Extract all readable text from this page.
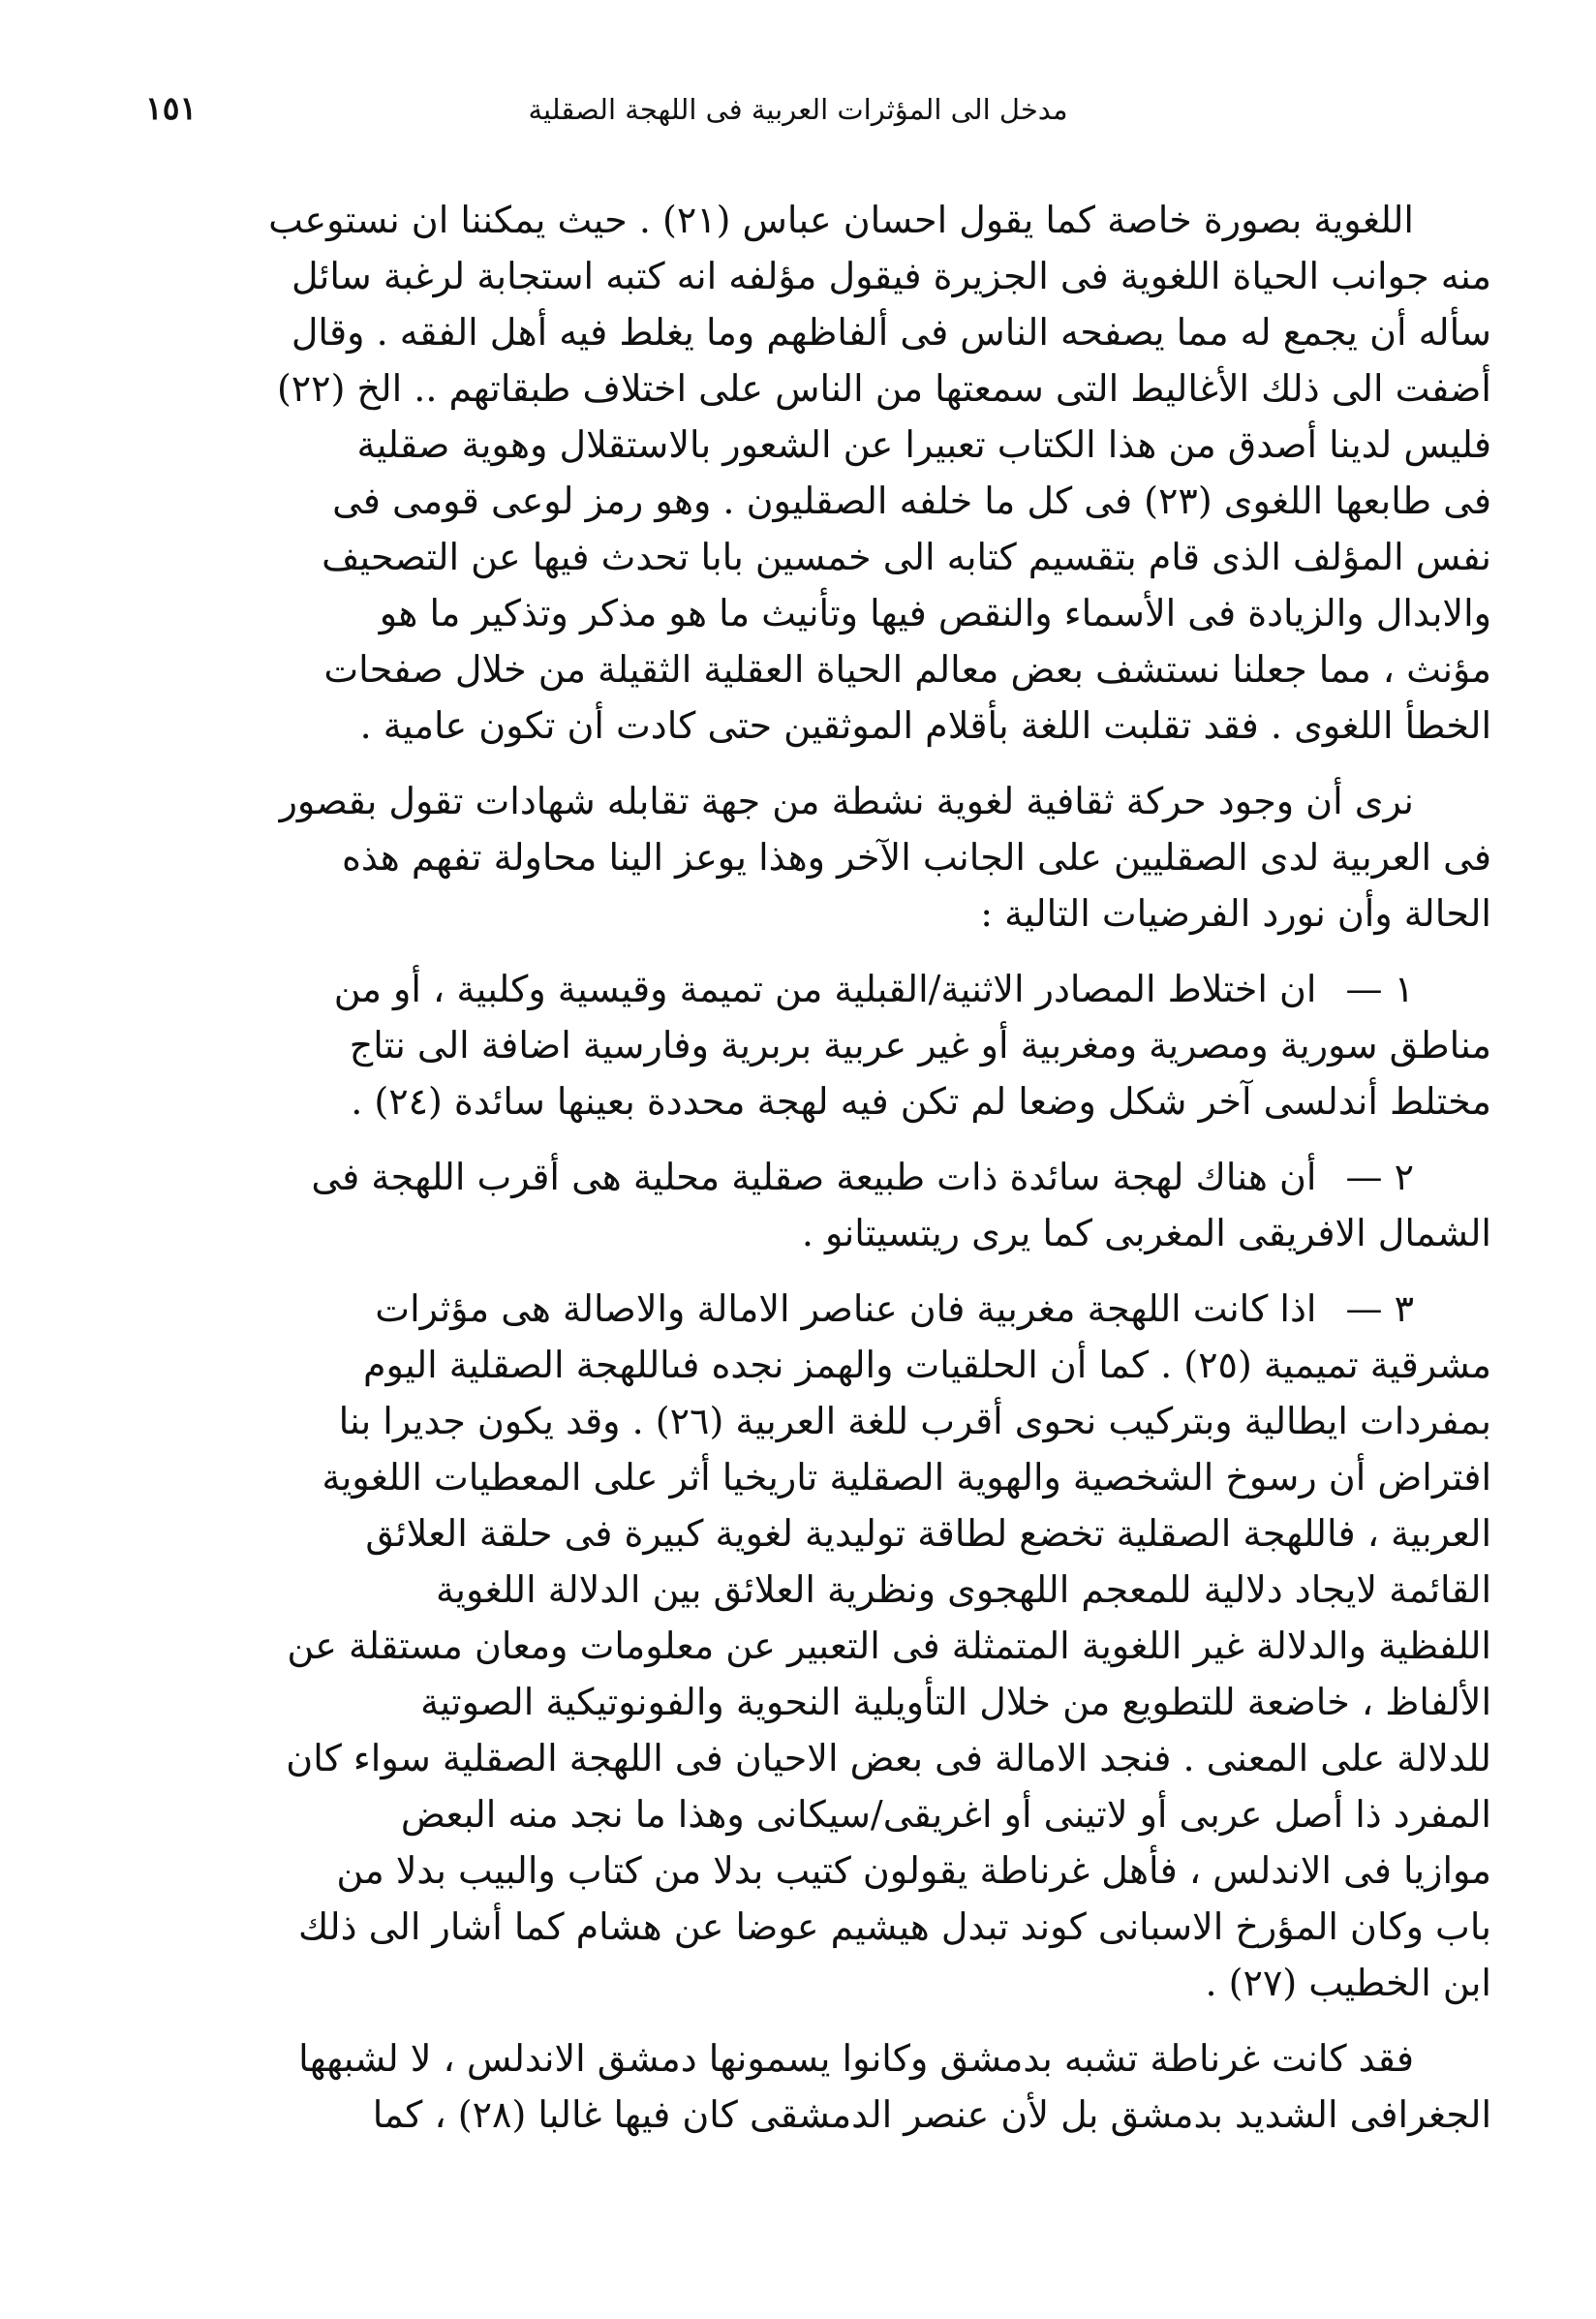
مدخل الى المؤثرات العربية فى اللهجة الصقلية
١٥١
اللغوية بصورة خاصة كما يقول احسان عباس (٢١) . حيث يمكننا ان نستوعب
منه جوانب الحياة اللغوية فى الجزيرة فيقول مؤلفه انه كتبه استجابة لرغبة سائل
سأله أن يجمع له مما يصفحه الناس فى ألفاظهم وما يغلط فيه أهل الفقه . وقال
أضفت الى ذلك الأغاليط التى سمعتها من الناس على اختلاف طبقاتهم .. الخ (٢٢)
فليس لدينا أصدق من هذا الكتاب تعبيرا عن الشعور بالاستقلال وهوية صقلية
فى طابعها اللغوى (٢٣) فى كل ما خلفه الصقليون . وهو رمز لوعى قومى فى
نفس المؤلف الذى قام بتقسيم كتابه الى خمسين بابا تحدث فيها عن التصحيف
والابدال والزيادة فى الأسماء والنقص فيها وتأنيث ما هو مذكر وتذكير ما هو
مؤنث ، مما جعلنا نستشف بعض معالم الحياة العقلية الثقيلة من خلال صفحات
الخطأ اللغوى . فقد تقلبت اللغة بأقلام الموثقين حتى كادت أن تكون عامية .
نرى أن وجود حركة ثقافية لغوية نشطة من جهة تقابله شهادات تقول بقصور
فى العربية لدى الصقليين على الجانب الآخر وهذا يوعز الينا محاولة تفهم هذه
الحالة وأن نورد الفرضيات التالية :
١ —ان اختلاط المصادر الاثنية/القبلية من تميمة وقيسية وكلبية ، أو من
مناطق سورية ومصرية ومغربية أو غير عربية بربرية وفارسية اضافة الى نتاج
مختلط أندلسى آخر شكل وضعا لم تكن فيه لهجة محددة بعينها سائدة (٢٤) .
٢ —أن هناك لهجة سائدة ذات طبيعة صقلية محلية هى أقرب اللهجة فى
الشمال الافريقى المغربى كما يرى ريتسيتانو .
٣ —اذا كانت اللهجة مغربية فان عناصر الامالة والاصالة هى مؤثرات
مشرقية تميمية (٢٥) . كما أن الحلقيات والهمز نجده فىاللهجة الصقلية اليوم
بمفردات ايطالية وبتركيب نحوى أقرب للغة العربية (٢٦) . وقد يكون جديرا بنا
افتراض أن رسوخ الشخصية والهوية الصقلية تاريخيا أثر على المعطيات اللغوية
العربية ، فاللهجة الصقلية تخضع لطاقة توليدية لغوية كبيرة فى حلقة العلائق
القائمة لايجاد دلالية للمعجم اللهجوى ونظرية العلائق بين الدلالة اللغوية
اللفظية والدلالة غير اللغوية المتمثلة فى التعبير عن معلومات ومعان مستقلة عن
الألفاظ ، خاضعة للتطويع من خلال التأويلية النحوية والفونوتيكية الصوتية
للدلالة على المعنى . فنجد الامالة فى بعض الاحيان فى اللهجة الصقلية سواء كان
المفرد ذا أصل عربى أو لاتينى أو اغريقى/سيكانى وهذا ما نجد منه البعض
موازيا فى الاندلس ، فأهل غرناطة يقولون كتيب بدلا من كتاب والبيب بدلا من
باب وكان المؤرخ الاسبانى كوند تبدل هيشيم عوضا عن هشام كما أشار الى ذلك
ابن الخطيب (٢٧) .
فقد كانت غرناطة تشبه بدمشق وكانوا يسمونها دمشق الاندلس ، لا لشبهها
الجغرافى الشديد بدمشق بل لأن عنصر الدمشقى كان فيها غالبا (٢٨) ، كما
